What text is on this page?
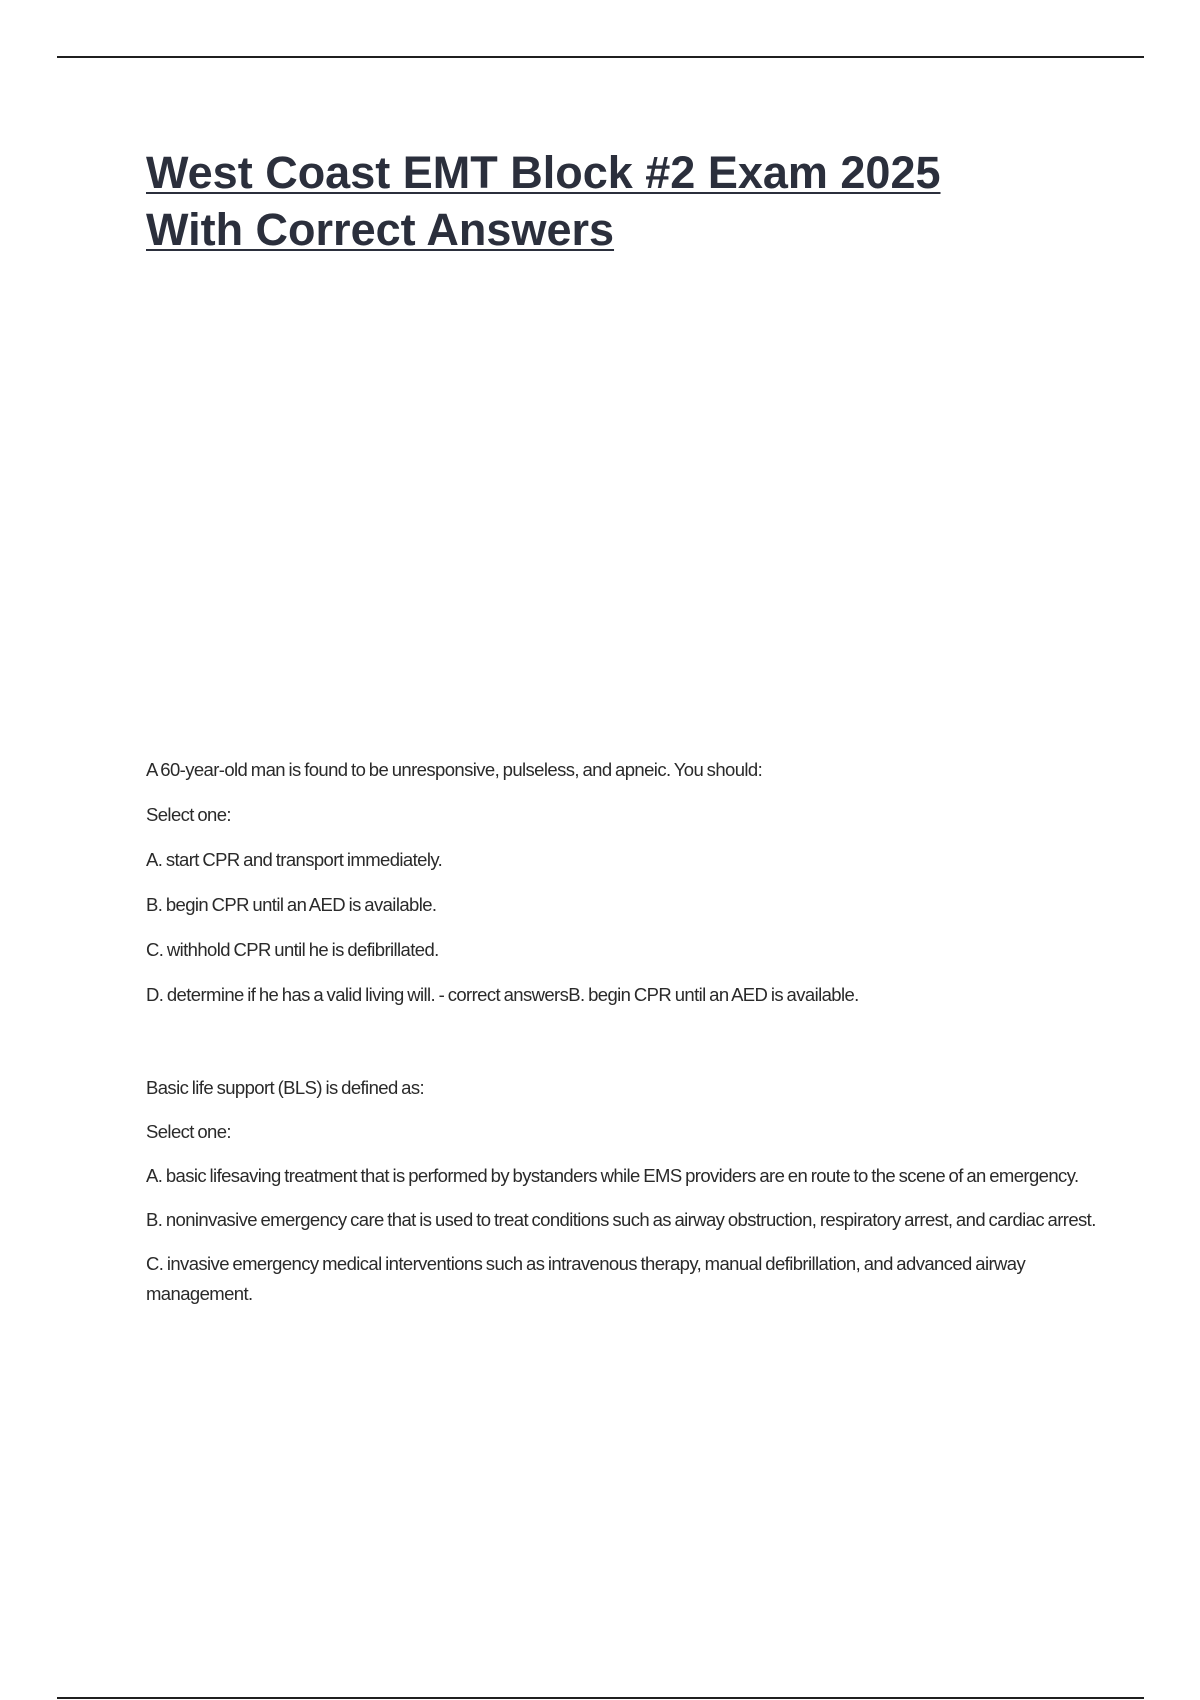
West Coast EMT Block #2 Exam 2025
With Correct Answers

A 60-year-old man is found to be unresponsive, pulseless, and apneic. You should:

Select one:

A. start CPR and transport immediately.

B. begin CPR until an AED is available.

C. withhold CPR until he is defibrillated.

D. determine if he has a valid living will. - correct answersB. begin CPR until an AED is available.

Basic life support (BLS) is defined as:

Select one:

A. basic lifesaving treatment that is performed by bystanders while EMS providers are en route to the scene of an emergency.

B. noninvasive emergency care that is used to treat conditions such as airway obstruction, respiratory arrest, and cardiac arrest.

C. invasive emergency medical interventions such as intravenous therapy, manual defibrillation, and advanced airway management.
